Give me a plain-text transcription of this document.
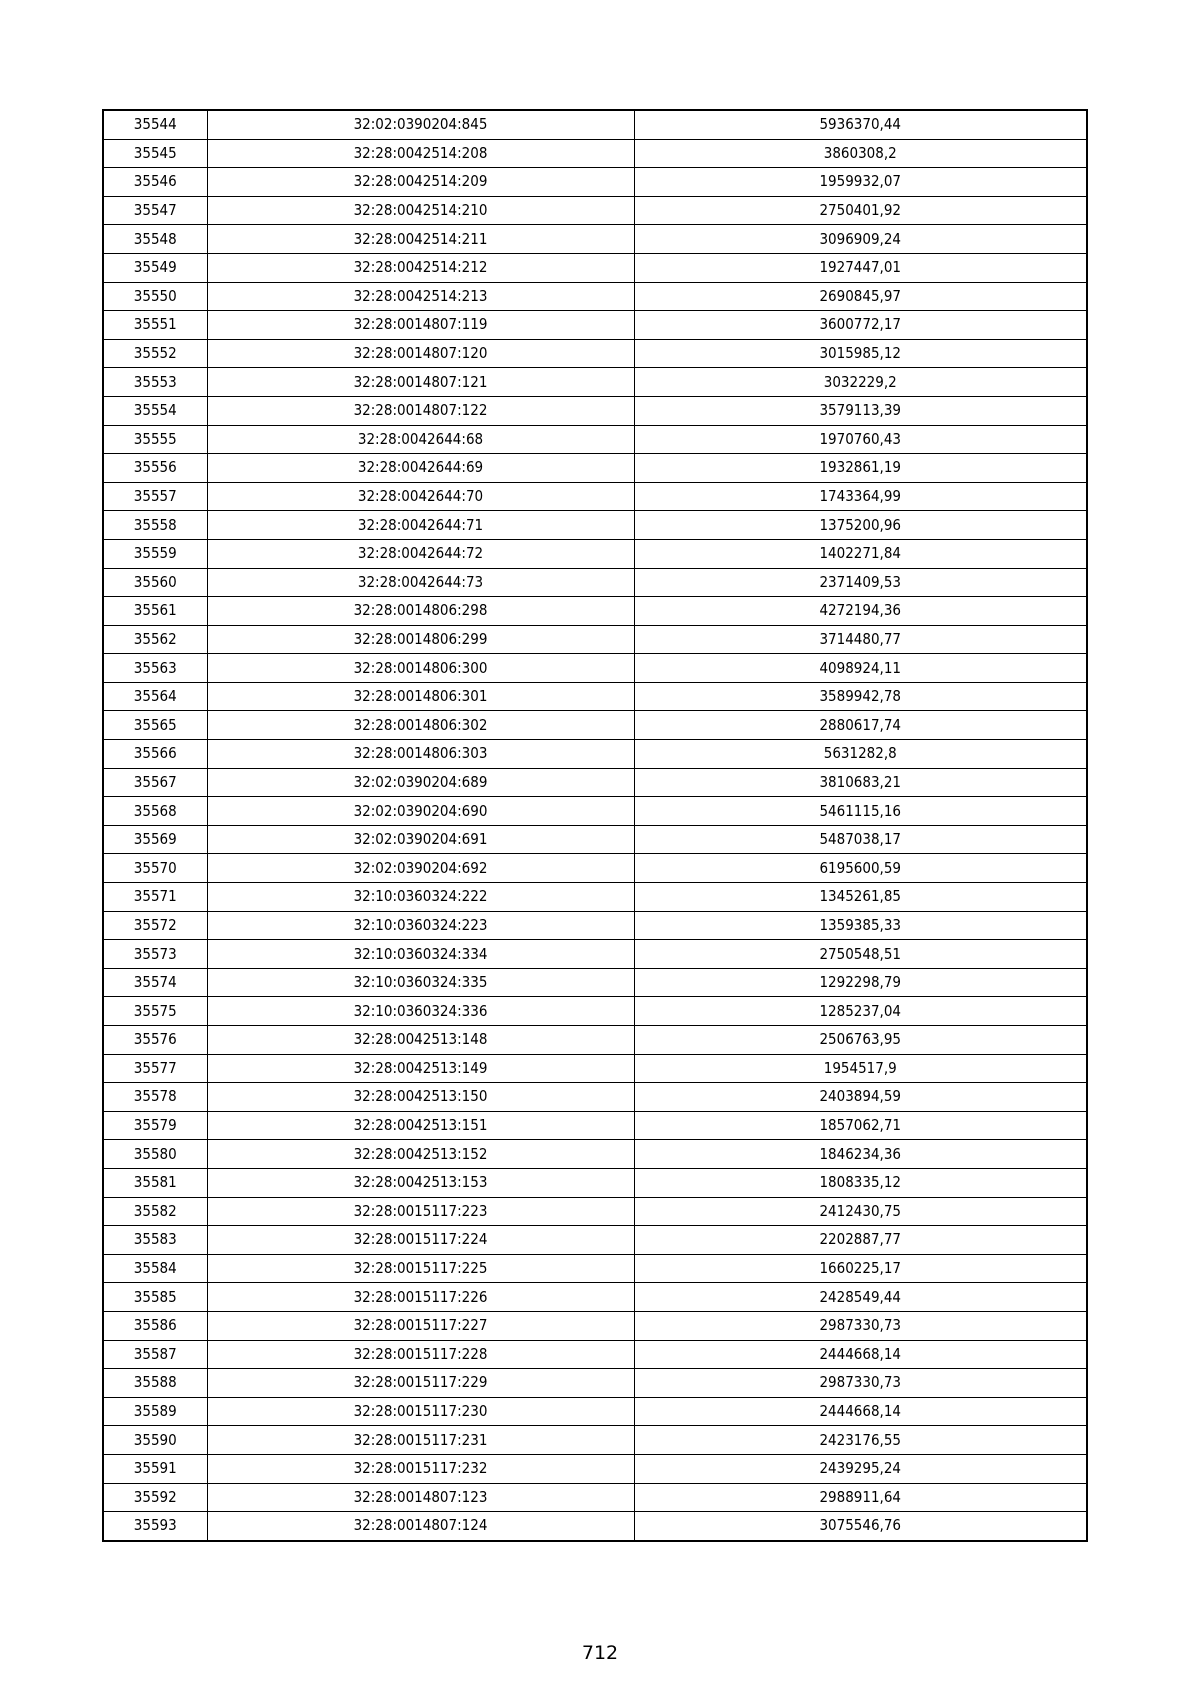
35544	32:02:0390204:845	5936370,44
35545	32:28:0042514:208	3860308,2
35546	32:28:0042514:209	1959932,07
35547	32:28:0042514:210	2750401,92
35548	32:28:0042514:211	3096909,24
35549	32:28:0042514:212	1927447,01
35550	32:28:0042514:213	2690845,97
35551	32:28:0014807:119	3600772,17
35552	32:28:0014807:120	3015985,12
35553	32:28:0014807:121	3032229,2
35554	32:28:0014807:122	3579113,39
35555	32:28:0042644:68	1970760,43
35556	32:28:0042644:69	1932861,19
35557	32:28:0042644:70	1743364,99
35558	32:28:0042644:71	1375200,96
35559	32:28:0042644:72	1402271,84
35560	32:28:0042644:73	2371409,53
35561	32:28:0014806:298	4272194,36
35562	32:28:0014806:299	3714480,77
35563	32:28:0014806:300	4098924,11
35564	32:28:0014806:301	3589942,78
35565	32:28:0014806:302	2880617,74
35566	32:28:0014806:303	5631282,8
35567	32:02:0390204:689	3810683,21
35568	32:02:0390204:690	5461115,16
35569	32:02:0390204:691	5487038,17
35570	32:02:0390204:692	6195600,59
35571	32:10:0360324:222	1345261,85
35572	32:10:0360324:223	1359385,33
35573	32:10:0360324:334	2750548,51
35574	32:10:0360324:335	1292298,79
35575	32:10:0360324:336	1285237,04
35576	32:28:0042513:148	2506763,95
35577	32:28:0042513:149	1954517,9
35578	32:28:0042513:150	2403894,59
35579	32:28:0042513:151	1857062,71
35580	32:28:0042513:152	1846234,36
35581	32:28:0042513:153	1808335,12
35582	32:28:0015117:223	2412430,75
35583	32:28:0015117:224	2202887,77
35584	32:28:0015117:225	1660225,17
35585	32:28:0015117:226	2428549,44
35586	32:28:0015117:227	2987330,73
35587	32:28:0015117:228	2444668,14
35588	32:28:0015117:229	2987330,73
35589	32:28:0015117:230	2444668,14
35590	32:28:0015117:231	2423176,55
35591	32:28:0015117:232	2439295,24
35592	32:28:0014807:123	2988911,64
35593	32:28:0014807:124	3075546,76
712
